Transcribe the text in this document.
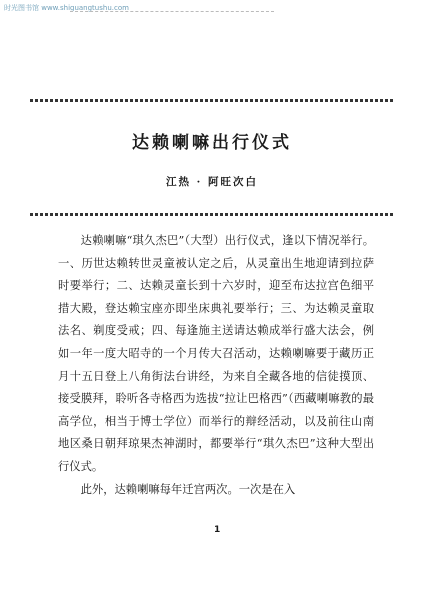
时光图书馆 www.shiguangtushu.com
达赖喇嘛出行仪式
江热 · 阿旺次白

达赖喇嘛“琪久杰巴”（大型）出行仪式，逢以下情况举行。一、历世达赖转世灵童被认定之后，从灵童出生地迎请到拉萨时要举行；二、达赖灵童长到十六岁时，迎至布达拉宫色细平措大殿，登达赖宝座亦即坐床典礼要举行；三、为达赖灵童取法名、剃度受戒；四、每逢施主送请达赖成举行盛大法会，例如一年一度大昭寺的一个月传大召活动，达赖喇嘛要于藏历正月十五日登上八角街法台讲经，为来自全藏各地的信徒摸顶、接受膜拜，聆听各寺格西为选拔“拉让巴格西”（西藏喇嘛教的最高学位，相当于博士学位）而举行的辩经活动，以及前往山南地区桑日朝拜琼果杰神湖时，都要举行“琪久杰巴”这种大型出行仪式。

此外，达赖喇嘛每年迁宫两次。一次是在入

1
